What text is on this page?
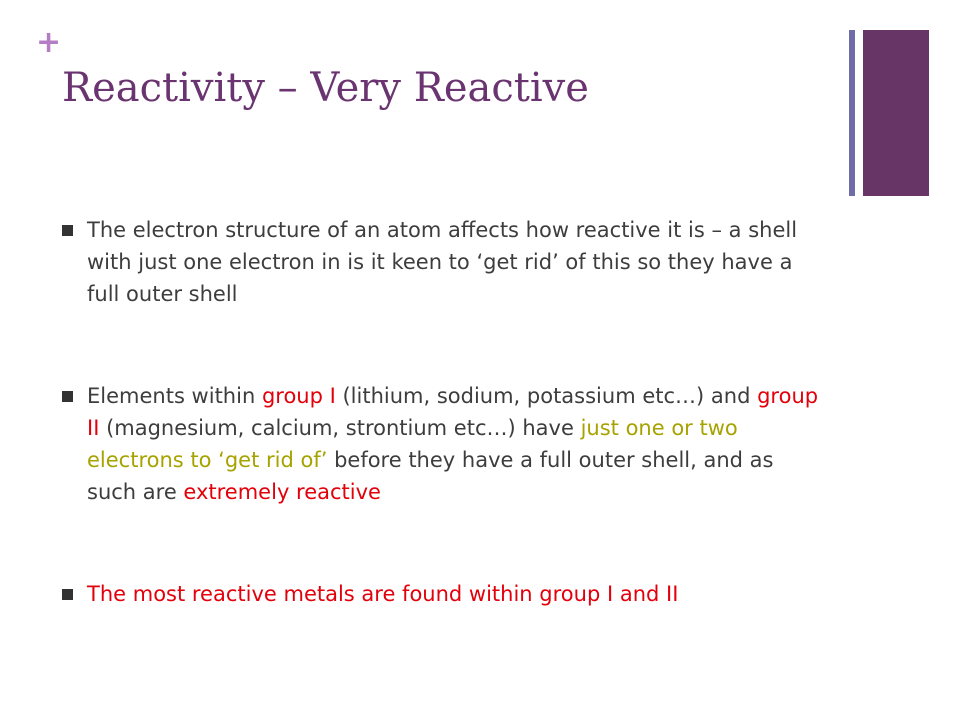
+
Reactivity – Very Reactive
The electron structure of an atom affects how reactive it is – a shell with just one electron in is it keen to ‘get rid’ of this so they have a full outer shell
Elements within group I (lithium, sodium, potassium etc…) and group II (magnesium, calcium, strontium etc…) have just one or two electrons to ‘get rid of’ before they have a full outer shell, and as such are extremely reactive
The most reactive metals are found within group I and II
